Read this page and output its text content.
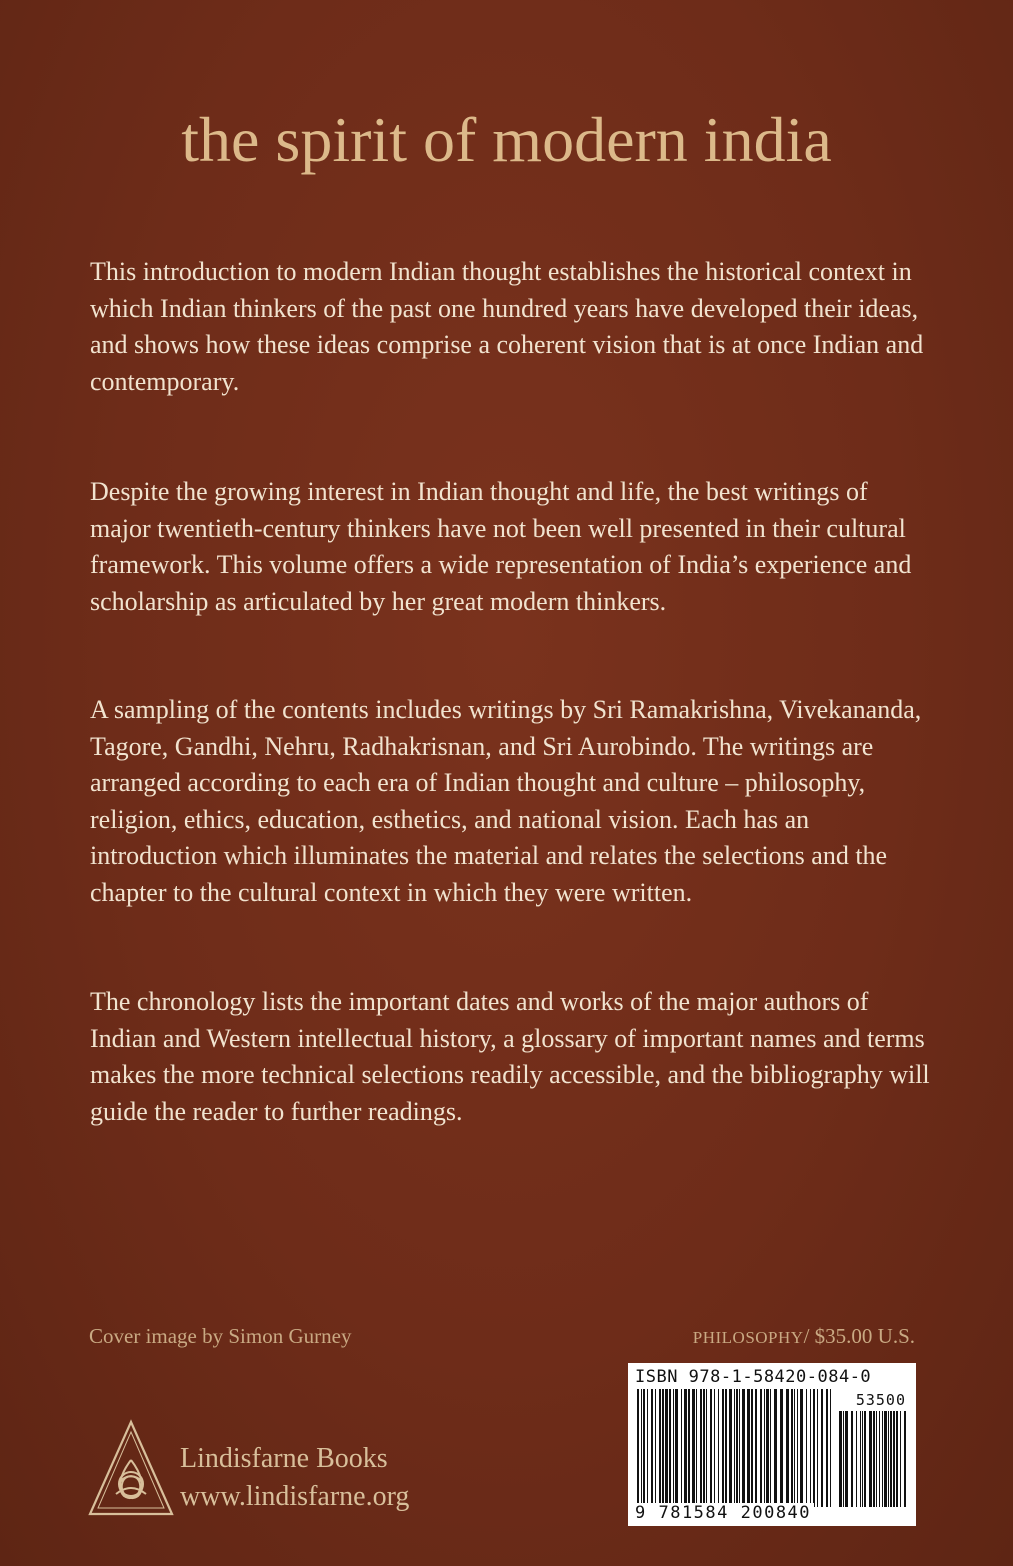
the spirit of modern india

This introduction to modern Indian thought establishes the historical context in which Indian thinkers of the past one hundred years have developed their ideas, and shows how these ideas comprise a coherent vision that is at once Indian and contemporary.

Despite the growing interest in Indian thought and life, the best writings of major twentieth-century thinkers have not been well presented in their cultural framework. This volume offers a wide representation of India’s experience and scholarship as articulated by her great modern thinkers.

A sampling of the contents includes writings by Sri Ramakrishna, Vivekananda, Tagore, Gandhi, Nehru, Radhakrisnan, and Sri Aurobindo. The writings are arranged according to each era of Indian thought and culture – philosophy, religion, ethics, education, esthetics, and national vision. Each has an introduction which illuminates the material and relates the selections and the chapter to the cultural context in which they were written.

The chronology lists the important dates and works of the major authors of Indian and Western intellectual history, a glossary of important names and terms makes the more technical selections readily accessible, and the bibliography will guide the reader to further readings.

Cover image by Simon Gurney	PHILOSOPHY/ $35.00 U.S.
Lindisfarne Books
www.lindisfarne.org
ISBN 978-1-58420-084-0
53500
9 781584 200840
